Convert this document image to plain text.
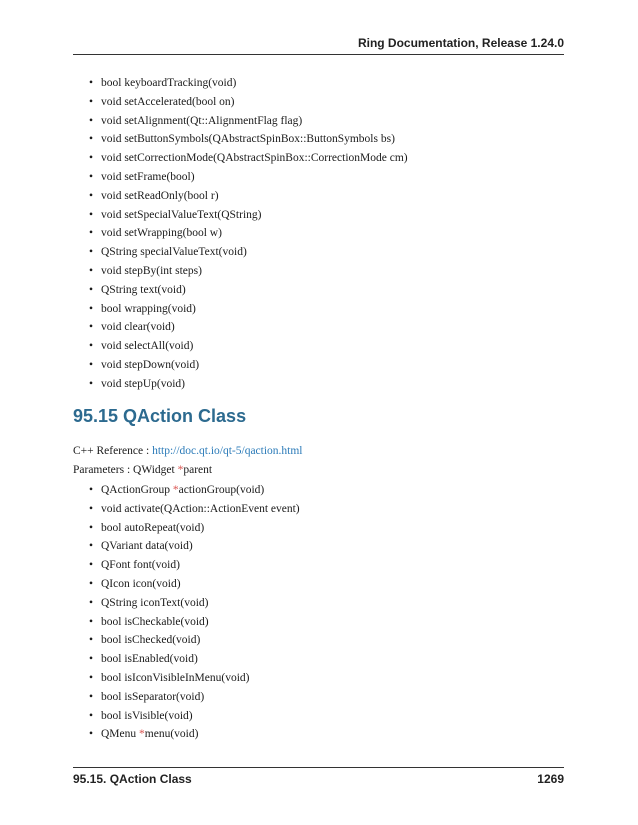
Ring Documentation, Release 1.24.0
• bool keyboardTracking(void)
• void setAccelerated(bool on)
• void setAlignment(Qt::AlignmentFlag flag)
• void setButtonSymbols(QAbstractSpinBox::ButtonSymbols bs)
• void setCorrectionMode(QAbstractSpinBox::CorrectionMode cm)
• void setFrame(bool)
• void setReadOnly(bool r)
• void setSpecialValueText(QString)
• void setWrapping(bool w)
• QString specialValueText(void)
• void stepBy(int steps)
• QString text(void)
• bool wrapping(void)
• void clear(void)
• void selectAll(void)
• void stepDown(void)
• void stepUp(void)
95.15 QAction Class
C++ Reference : http://doc.qt.io/qt-5/qaction.html
Parameters : QWidget *parent
• QActionGroup *actionGroup(void)
• void activate(QAction::ActionEvent event)
• bool autoRepeat(void)
• QVariant data(void)
• QFont font(void)
• QIcon icon(void)
• QString iconText(void)
• bool isCheckable(void)
• bool isChecked(void)
• bool isEnabled(void)
• bool isIconVisibleInMenu(void)
• bool isSeparator(void)
• bool isVisible(void)
• QMenu *menu(void)
95.15. QAction Class	1269
